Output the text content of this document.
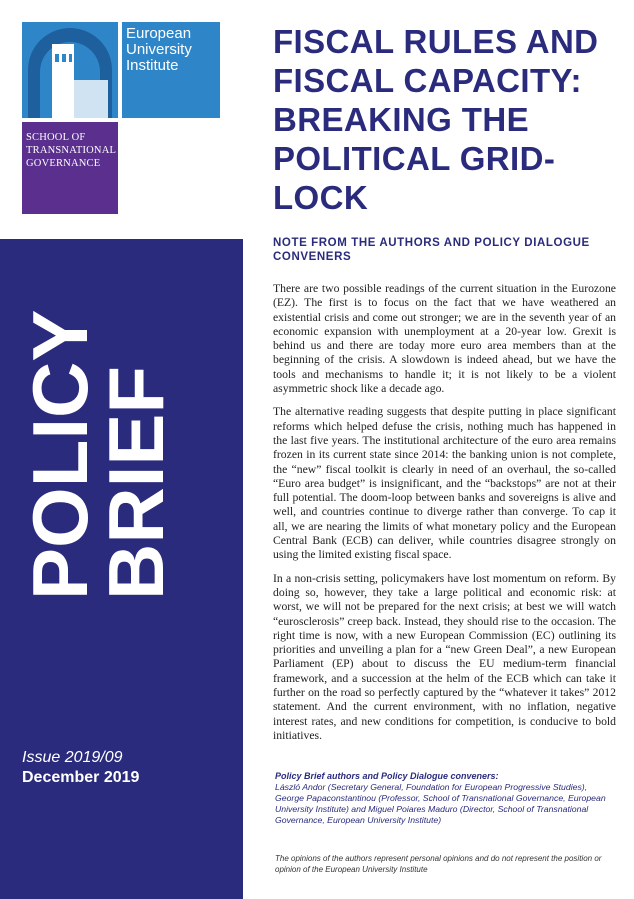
European
University
Institute
SCHOOL OF
TRANSNATIONAL
GOVERNANCE
POLICY
BRIEF
Issue 2019/09
December 2019
FISCAL RULES AND FISCAL CAPACITY: BREAKING THE POLITICAL GRID-LOCK
NOTE FROM THE AUTHORS AND POLICY DIALOGUE CONVENERS

There are two possible readings of the current situation in the Eurozone (EZ). The first is to focus on the fact that we have weathered an existential crisis and come out stronger; we are in the seventh year of an economic expansion with unemployment at a 20-year low. Grexit is behind us and there are today more euro area members than at the beginning of the crisis. A slowdown is indeed ahead, but we have the tools and mechanisms to handle it; it is not likely to be a violent asymmetric shock like a decade ago.

The alternative reading suggests that despite putting in place significant reforms which helped defuse the crisis, nothing much has happened in the last five years. The institutional architecture of the euro area remains frozen in its current state since 2014: the banking union is not complete, the “new” fiscal toolkit is clearly in need of an overhaul, the so-called “Euro area budget” is insignificant, and the “backstops” are not at their full potential. The doom-loop between banks and sovereigns is alive and well, and countries continue to diverge rather than converge. To cap it all, we are nearing the limits of what monetary policy and the European Central Bank (ECB) can deliver, while countries disagree strongly on using the limited existing fiscal space.

In a non-crisis setting, policymakers have lost momentum on reform. By doing so, however, they take a large political and economic risk: at worst, we will not be prepared for the next crisis; at best we will watch “eurosclerosis” creep back. Instead, they should rise to the occasion. The right time is now, with a new European Commission (EC) outlining its priorities and unveiling a plan for a “new Green Deal”, a new European Parliament (EP) about to discuss the EU medium-term financial framework, and a succession at the helm of the ECB which can take it further on the road so perfectly captured by the “whatever it takes” 2012 statement. And the current environment, with no inflation, negative interest rates, and new conditions for competition, is conducive to bold initiatives.

Policy Brief authors and Policy Dialogue conveners:
László Andor (Secretary General, Foundation for European Progressive Studies), George Papaconstantinou (Professor, School of Transnational Governance, European University Institute) and Miguel Poiares Maduro (Director, School of Transnational Governance, European University Institute)
The opinions of the authors represent personal opinions and do not represent the position or opinion of the European University Institute
